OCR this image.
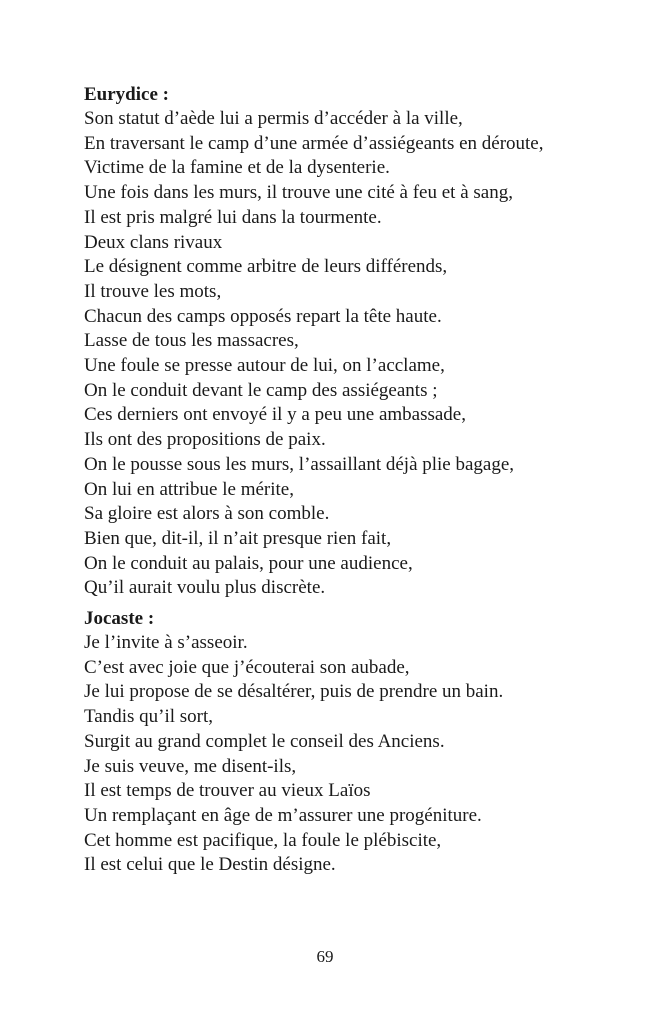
Eurydice :

Son statut d’aède lui a permis d’accéder à la ville,

En traversant le camp d’une armée d’assiégeants en déroute,

Victime de la famine et de la dysenterie.

Une fois dans les murs, il trouve une cité à feu et à sang,

Il est pris malgré lui dans la tourmente.

Deux clans rivaux

Le désignent comme arbitre de leurs différends,

Il trouve les mots,

Chacun des camps opposés repart la tête haute.

Lasse de tous les massacres,

Une foule se presse autour de lui, on l’acclame,

On le conduit devant le camp des assiégeants ;

Ces derniers ont envoyé il y a peu une ambassade,

Ils ont des propositions de paix.

On le pousse sous les murs, l’assaillant déjà plie bagage,

On lui en attribue le mérite,

Sa gloire est alors à son comble.

Bien que, dit-il, il n’ait presque rien fait,

On le conduit au palais, pour une audience,

Qu’il aurait voulu plus discrète.

Jocaste :

Je l’invite à s’asseoir.

C’est avec joie que j’écouterai son aubade,

Je lui propose de se désaltérer, puis de prendre un bain.

Tandis qu’il sort,

Surgit au grand complet le conseil des Anciens.

Je suis veuve, me disent-ils,

Il est temps de trouver au vieux Laïos

Un remplaçant en âge de m’assurer une progéniture.

Cet homme est pacifique, la foule le plébiscite,

Il est celui que le Destin désigne.

69
